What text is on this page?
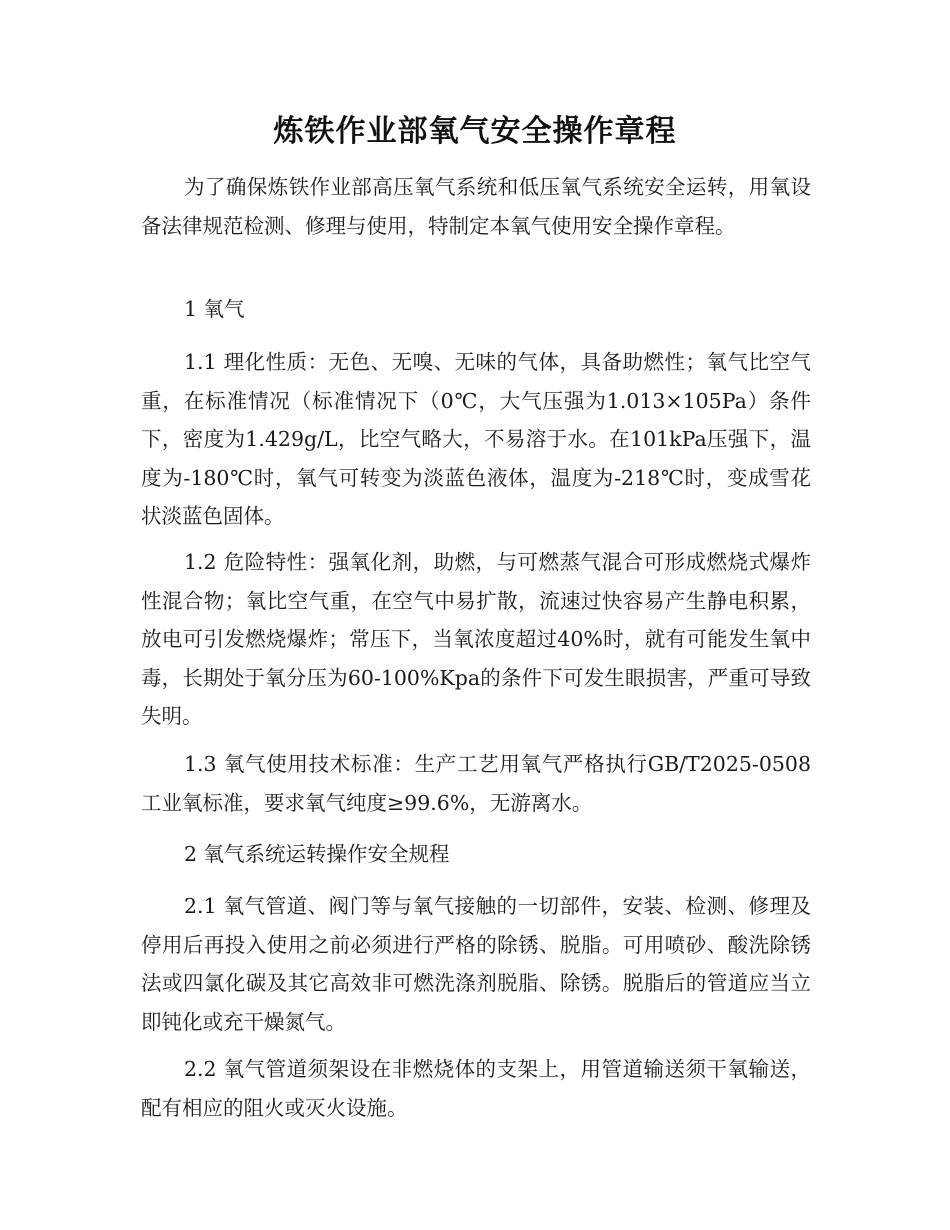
炼铁作业部氧气安全操作章程

为了确保炼铁作业部高压氧气系统和低压氧气系统安全运转，用氧设备法律规范检测、修理与使用，特制定本氧气使用安全操作章程。

1 氧气

1.1 理化性质：无色、无嗅、无味的气体，具备助燃性；氧气比空气重，在标准情况（标准情况下（0℃，大气压强为1.013×105Pa）条件下，密度为1.429g/L，比空气略大，不易溶于水。在101kPa压强下，温度为-180℃时，氧气可转变为淡蓝色液体，温度为-218℃时，变成雪花状淡蓝色固体。

1.2 危险特性：强氧化剂，助燃，与可燃蒸气混合可形成燃烧式爆炸性混合物；氧比空气重，在空气中易扩散，流速过快容易产生静电积累，放电可引发燃烧爆炸；常压下，当氧浓度超过40%时，就有可能发生氧中毒，长期处于氧分压为60-100%Kpa的条件下可发生眼损害，严重可导致失明。

1.3 氧气使用技术标准：生产工艺用氧气严格执行GB/T2025-0508工业氧标准，要求氧气纯度≥99.6%，无游离水。

2 氧气系统运转操作安全规程

2.1 氧气管道、阀门等与氧气接触的一切部件，安装、检测、修理及停用后再投入使用之前必须进行严格的除锈、脱脂。可用喷砂、酸洗除锈法或四氯化碳及其它高效非可燃洗涤剂脱脂、除锈。脱脂后的管道应当立即钝化或充干燥氮气。

2.2 氧气管道须架设在非燃烧体的支架上，用管道输送须干氧输送，配有相应的阻火或灭火设施。
